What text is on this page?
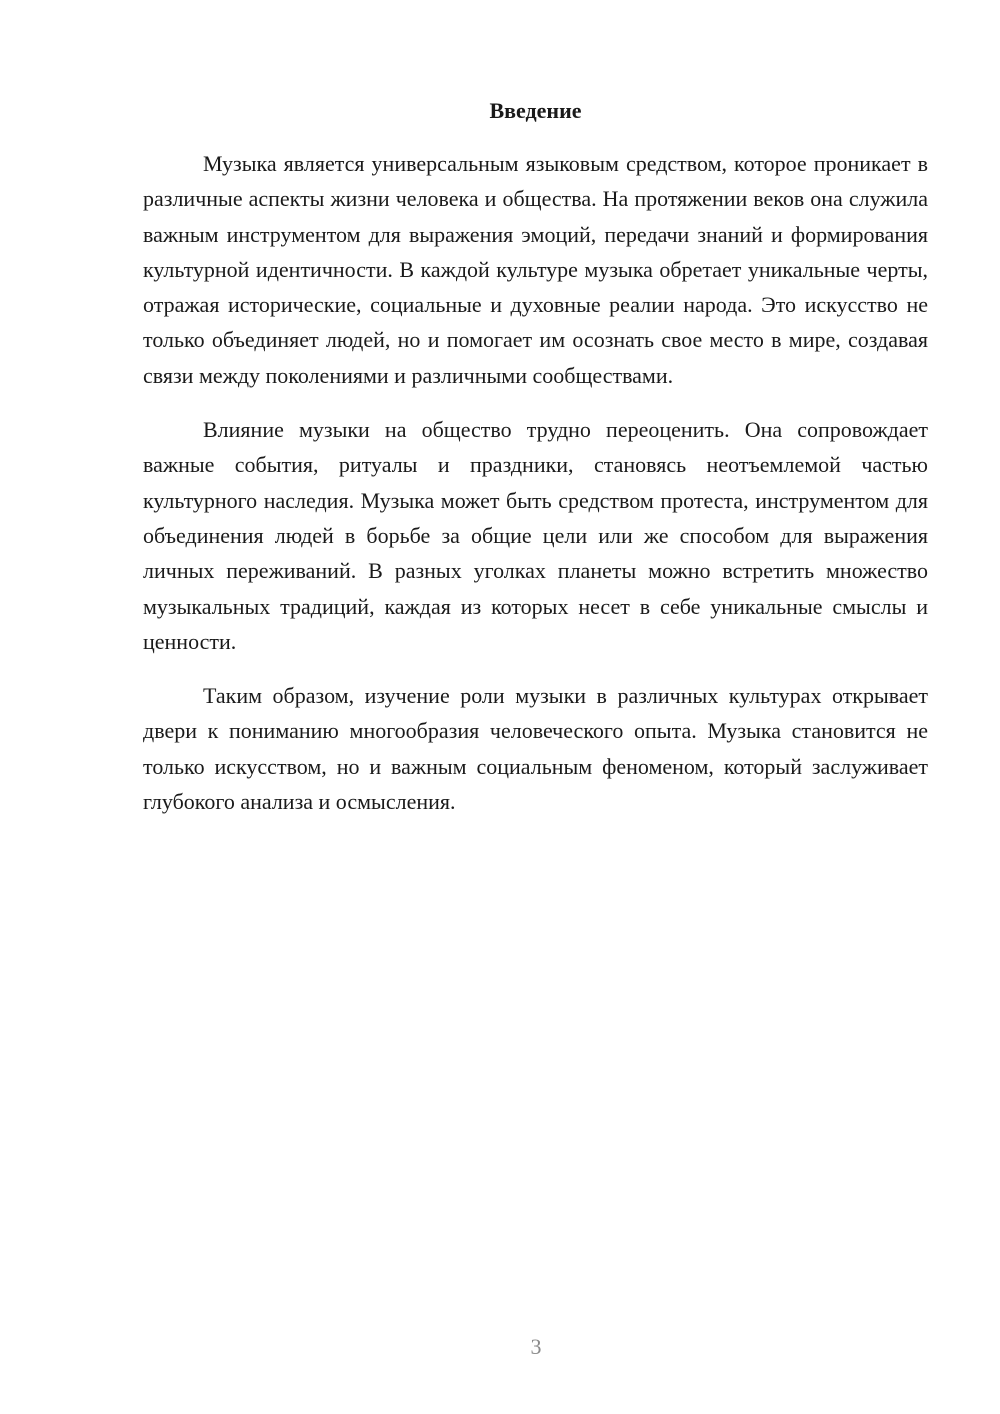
Введение

Музыка является универсальным языковым средством, которое проникает в различные аспекты жизни человека и общества. На протяжении веков она служила важным инструментом для выражения эмоций, передачи знаний и формирования культурной идентичности. В каждой культуре музыка обретает уникальные черты, отражая исторические, социальные и духовные реалии народа. Это искусство не только объединяет людей, но и помогает им осознать свое место в мире, создавая связи между поколениями и различными сообществами.

Влияние музыки на общество трудно переоценить. Она сопровождает важные события, ритуалы и праздники, становясь неотъемлемой частью культурного наследия. Музыка может быть средством протеста, инструментом для объединения людей в борьбе за общие цели или же способом для выражения личных переживаний. В разных уголках планеты можно встретить множество музыкальных традиций, каждая из которых несет в себе уникальные смыслы и ценности.

Таким образом, изучение роли музыки в различных культурах открывает двери к пониманию многообразия человеческого опыта. Музыка становится не только искусством, но и важным социальным феноменом, который заслуживает глубокого анализа и осмысления.

3
